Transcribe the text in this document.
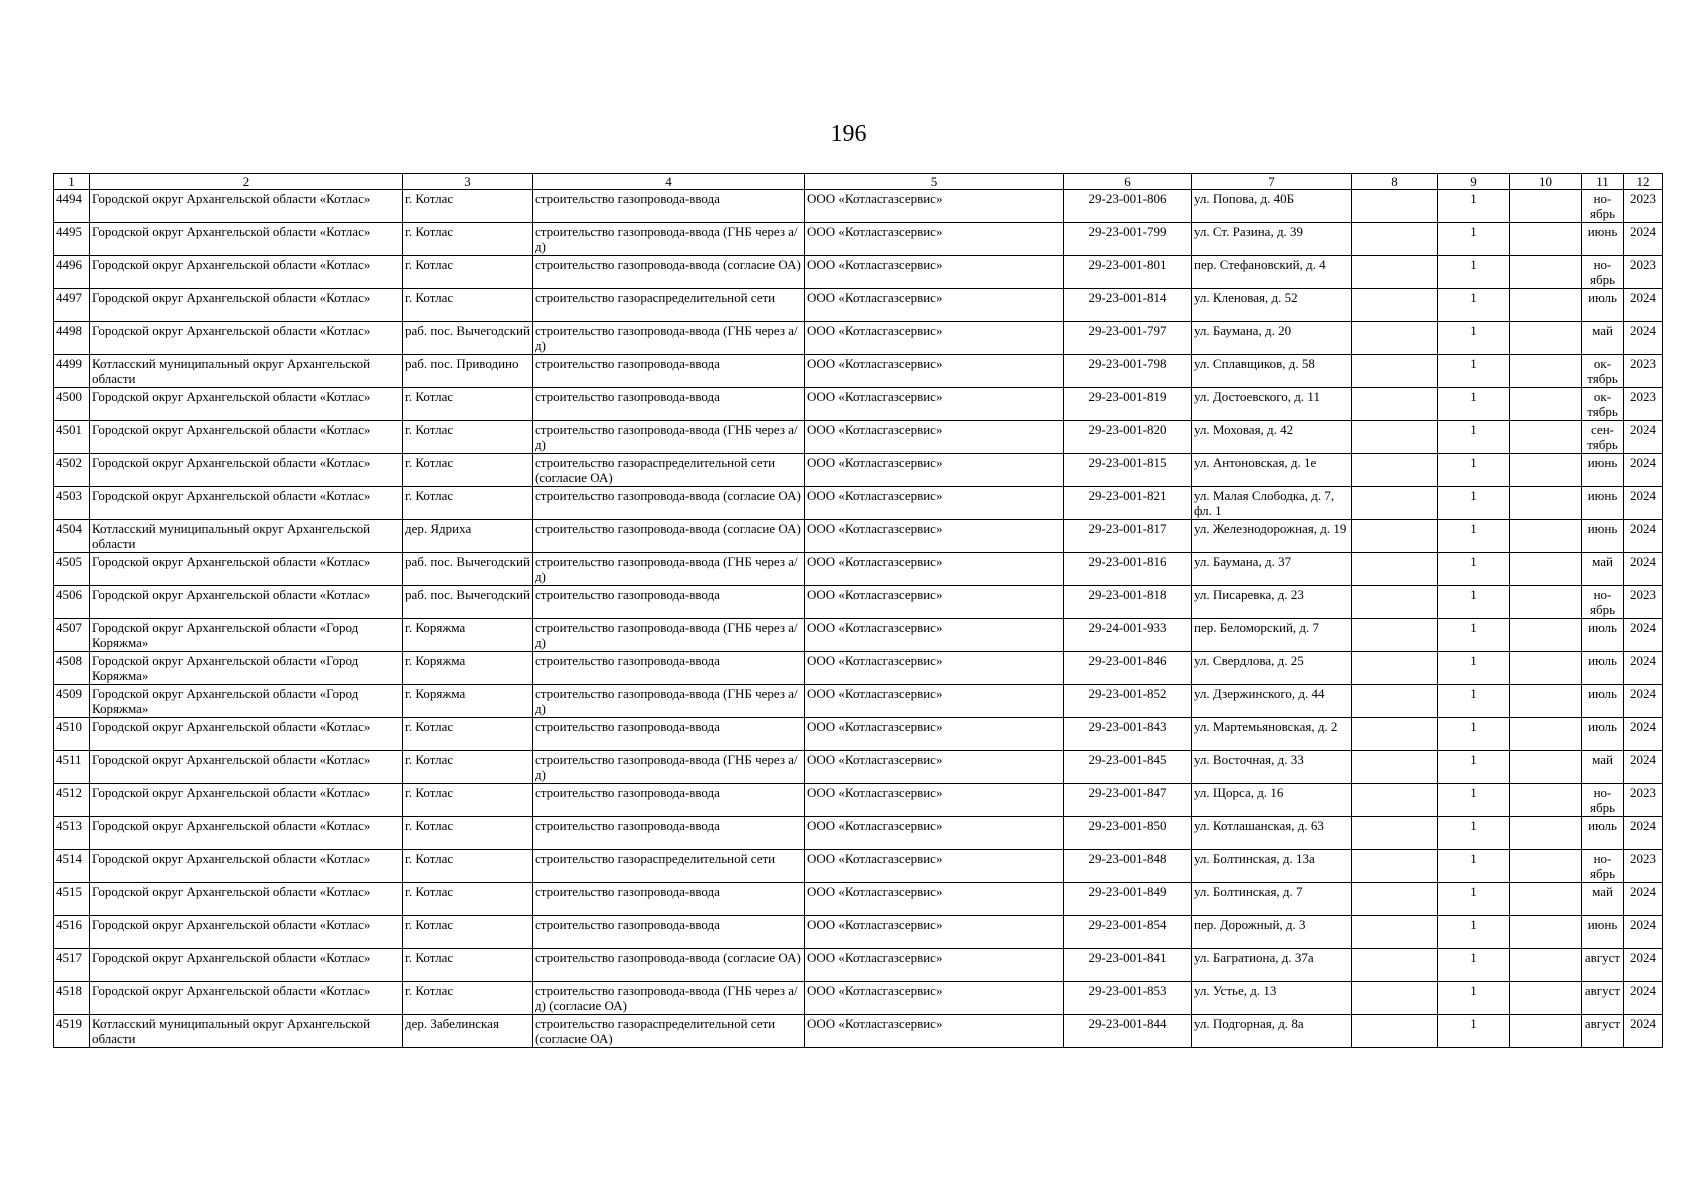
196
1	2	3	4	5	6	7	8	9	10	11	12
4494	Городской округ Архангельской области «Котлас»	г. Котлас	строительство газопровода-ввода	ООО «Котласгазсервис»	29-23-001-806	ул. Попова, д. 40Б		1		но-ябрь	2023
4495	Городской округ Архангельской области «Котлас»	г. Котлас	строительство газопровода-ввода (ГНБ через а/д)	ООО «Котласгазсервис»	29-23-001-799	ул. Ст. Разина, д. 39		1		июнь	2024
4496	Городской округ Архангельской области «Котлас»	г. Котлас	строительство газопровода-ввода (согласие ОА)	ООО «Котласгазсервис»	29-23-001-801	пер. Стефановский, д. 4		1		но-ябрь	2023
4497	Городской округ Архангельской области «Котлас»	г. Котлас	строительство газораспределительной сети	ООО «Котласгазсервис»	29-23-001-814	ул. Кленовая, д. 52		1		июль	2024
4498	Городской округ Архангельской области «Котлас»	раб. пос. Вычегодский	строительство газопровода-ввода (ГНБ через а/д)	ООО «Котласгазсервис»	29-23-001-797	ул. Баумана, д. 20		1		май	2024
4499	Котласский муниципальный округ Архангельской области	раб. пос. Приводино	строительство газопровода-ввода	ООО «Котласгазсервис»	29-23-001-798	ул. Сплавщиков, д. 58		1		ок-тябрь	2023
4500	Городской округ Архангельской области «Котлас»	г. Котлас	строительство газопровода-ввода	ООО «Котласгазсервис»	29-23-001-819	ул. Достоевского, д. 11		1		ок-тябрь	2023
4501	Городской округ Архангельской области «Котлас»	г. Котлас	строительство газопровода-ввода (ГНБ через а/д)	ООО «Котласгазсервис»	29-23-001-820	ул. Моховая, д. 42		1		сен-тябрь	2024
4502	Городской округ Архангельской области «Котлас»	г. Котлас	строительство газораспределительной сети (согласие ОА)	ООО «Котласгазсервис»	29-23-001-815	ул. Антоновская, д. 1е		1		июнь	2024
4503	Городской округ Архангельской области «Котлас»	г. Котлас	строительство газопровода-ввода (согласие ОА)	ООО «Котласгазсервис»	29-23-001-821	ул. Малая Слободка, д. 7, фл. 1		1		июнь	2024
4504	Котласский муниципальный округ Архангельской области	дер. Ядриха	строительство газопровода-ввода (согласие ОА)	ООО «Котласгазсервис»	29-23-001-817	ул. Железнодорожная, д. 19		1		июнь	2024
4505	Городской округ Архангельской области «Котлас»	раб. пос. Вычегодский	строительство газопровода-ввода (ГНБ через а/д)	ООО «Котласгазсервис»	29-23-001-816	ул. Баумана, д. 37		1		май	2024
4506	Городской округ Архангельской области «Котлас»	раб. пос. Вычегодский	строительство газопровода-ввода	ООО «Котласгазсервис»	29-23-001-818	ул. Писаревка, д. 23		1		но-ябрь	2023
4507	Городской округ Архангельской области «Город Коряжма»	г. Коряжма	строительство газопровода-ввода (ГНБ через а/д)	ООО «Котласгазсервис»	29-24-001-933	пер. Беломорский, д. 7		1		июль	2024
4508	Городской округ Архангельской области «Город Коряжма»	г. Коряжма	строительство газопровода-ввода	ООО «Котласгазсервис»	29-23-001-846	ул. Свердлова, д. 25		1		июль	2024
4509	Городской округ Архангельской области «Город Коряжма»	г. Коряжма	строительство газопровода-ввода (ГНБ через а/д)	ООО «Котласгазсервис»	29-23-001-852	ул. Дзержинского, д. 44		1		июль	2024
4510	Городской округ Архангельской области «Котлас»	г. Котлас	строительство газопровода-ввода	ООО «Котласгазсервис»	29-23-001-843	ул. Мартемьяновская, д. 2		1		июль	2024
4511	Городской округ Архангельской области «Котлас»	г. Котлас	строительство газопровода-ввода (ГНБ через а/д)	ООО «Котласгазсервис»	29-23-001-845	ул. Восточная, д. 33		1		май	2024
4512	Городской округ Архангельской области «Котлас»	г. Котлас	строительство газопровода-ввода	ООО «Котласгазсервис»	29-23-001-847	ул. Щорса, д. 16		1		но-ябрь	2023
4513	Городской округ Архангельской области «Котлас»	г. Котлас	строительство газопровода-ввода	ООО «Котласгазсервис»	29-23-001-850	ул. Котлашанская, д. 63		1		июль	2024
4514	Городской округ Архангельской области «Котлас»	г. Котлас	строительство газораспределительной сети	ООО «Котласгазсервис»	29-23-001-848	ул. Болтинская, д. 13а		1		но-ябрь	2023
4515	Городской округ Архангельской области «Котлас»	г. Котлас	строительство газопровода-ввода	ООО «Котласгазсервис»	29-23-001-849	ул. Болтинская, д. 7		1		май	2024
4516	Городской округ Архангельской области «Котлас»	г. Котлас	строительство газопровода-ввода	ООО «Котласгазсервис»	29-23-001-854	пер. Дорожный, д. 3		1		июнь	2024
4517	Городской округ Архангельской области «Котлас»	г. Котлас	строительство газопровода-ввода (согласие ОА)	ООО «Котласгазсервис»	29-23-001-841	ул. Багратиона, д. 37а		1		август	2024
4518	Городской округ Архангельской области «Котлас»	г. Котлас	строительство газопровода-ввода (ГНБ через а/д) (согласие ОА)	ООО «Котласгазсервис»	29-23-001-853	ул. Устье, д. 13		1		август	2024
4519	Котласский муниципальный округ Архангельской области	дер. Забелинская	строительство газораспределительной сети (согласие ОА)	ООО «Котласгазсервис»	29-23-001-844	ул. Подгорная, д. 8а		1		август	2024
